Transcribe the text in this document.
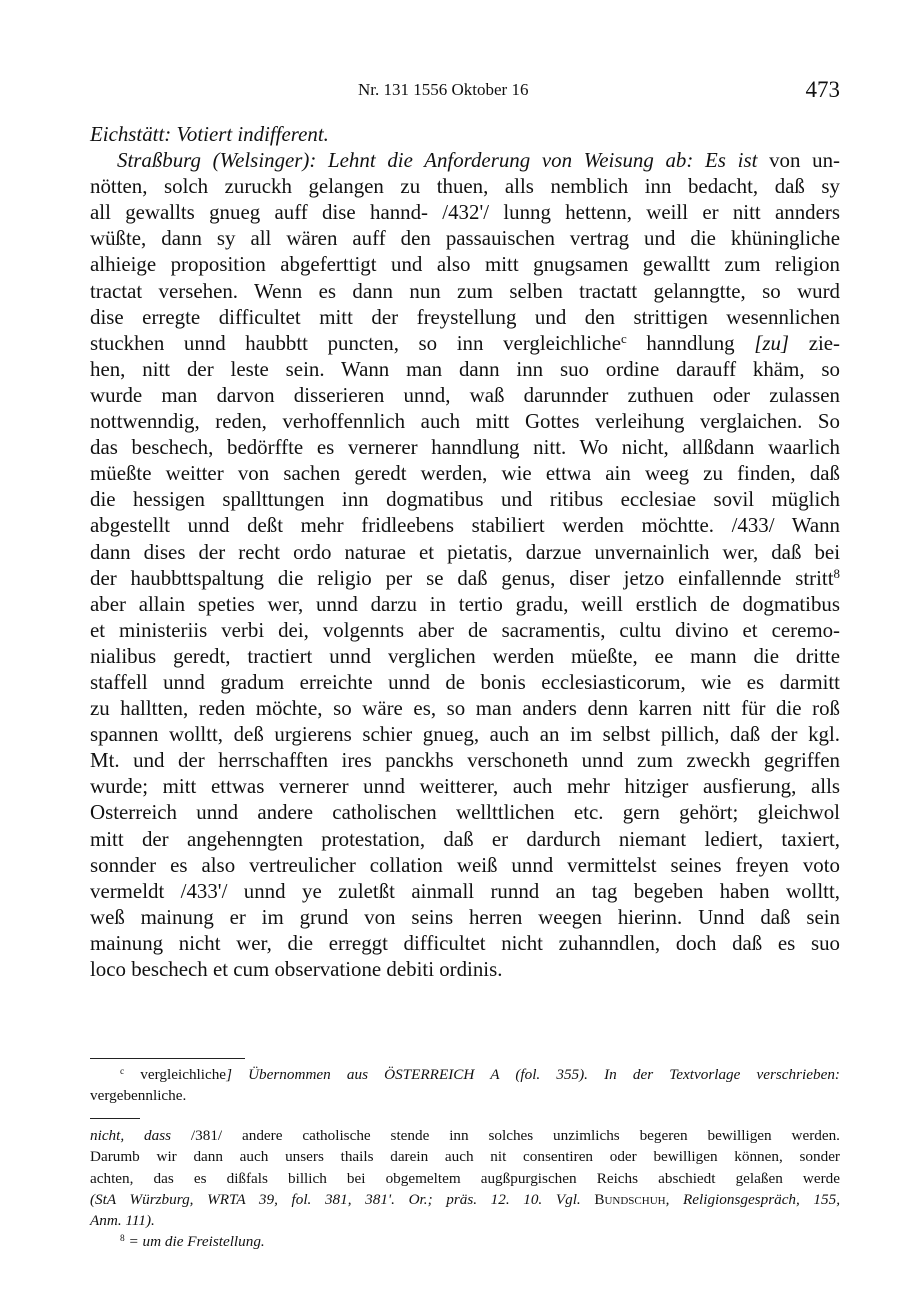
Nr. 131 1556 Oktober 16	473
Eichstätt: Votiert indifferent.
Straßburg (Welsinger): Lehnt die Anforderung von Weisung ab: Es ist von un-
nötten, solch zuruckh gelangen zu thuen, alls nemblich inn bedacht, daß sy
all gewallts gnueg auff dise hannd- /432'/ lunng hettenn, weill er nitt annders
wüßte, dann sy all wären auff den passauischen vertrag und die khüningliche
alhieige proposition abgeferttigt und also mitt gnugsamen gewalltt zum religion
tractat versehen. Wenn es dann nun zum selben tractatt gelanngtte, so wurd
dise erregte difficultet mitt der freystellung und den strittigen wesennlichen
stuckhen unnd haubbtt puncten, so inn vergleichliche$^c$ hanndlung [zu] zie-
hen, nitt der leste sein. Wann man dann inn suo ordine darauff khäm, so
wurde man darvon disserieren unnd, waß darunnder zuthuen oder zulassen
nottwenndig, reden, verhoffennlich auch mitt Gottes verleihung verglaichen. So
das beschech, bedörffte es vernerer hanndlung nitt. Wo nicht, allßdann waarlich
müeßte weitter von sachen geredt werden, wie ettwa ain weeg zu finden, daß
die hessigen spallttungen inn dogmatibus und ritibus ecclesiae sovil müglich
abgestellt unnd deßt mehr fridleebens stabiliert werden möchtte. /433/ Wann
dann dises der recht ordo naturae et pietatis, darzue unvernainlich wer, daß bei
der haubbttspaltung die religio per se daß genus, diser jetzo einfallennde stritt$^8$
aber allain speties wer, unnd darzu in tertio gradu, weill erstlich de dogmatibus
et ministeriis verbi dei, volgennts aber de sacramentis, cultu divino et ceremo-
nialibus geredt, tractiert unnd verglichen werden müeßte, ee mann die dritte
staffell unnd gradum erreichte unnd de bonis ecclesiasticorum, wie es darmitt
zu halltten, reden möchte, so wäre es, so man anders denn karren nitt für die roß
spannen wolltt, deß urgierens schier gnueg, auch an im selbst pillich, daß der kgl.
Mt. und der herrschafften ires panckhs verschoneth unnd zum zweckh gegriffen
wurde; mitt ettwas vernerer unnd weitterer, auch mehr hitziger ausfierung, alls
Osterreich unnd andere catholischen wellttlichen etc. gern gehört; gleichwol
mitt der angehenngten protestation, daß er dardurch niemant lediert, taxiert,
sonnder es also vertreulicher collation weiß unnd vermittelst seines freyen voto
vermeldt /433'/ unnd ye zuletßt ainmall runnd an tag begeben haben wolltt,
weß mainung er im grund von seins herren weegen hierinn. Unnd daß sein
mainung nicht wer, die erreggt difficultet nicht zuhanndlen, doch daß es suo
loco beschech et cum observatione debiti ordinis.
$^c$ vergleichliche] Übernommen aus ÖSTERREICH A (fol. 355). In der Textvorlage verschrieben:
vergebennliche.
nicht, dass /381/ andere catholische stende inn solches unzimlichs begeren bewilligen werden.
Darumb wir dann auch unsers thails darein auch nit consentiren oder bewilligen können, sonder
achten, das es dißfals billich bei obgemeltem augßpurgischen Reichs abschiedt gelaßen werde
(StA Würzburg, WRTA 39, fol. 381, 381'. Or.; präs. 12. 10. Vgl. Bundschuh, Religionsgespräch, 155,
Anm. 111).
$^8$ = um die Freistellung.
